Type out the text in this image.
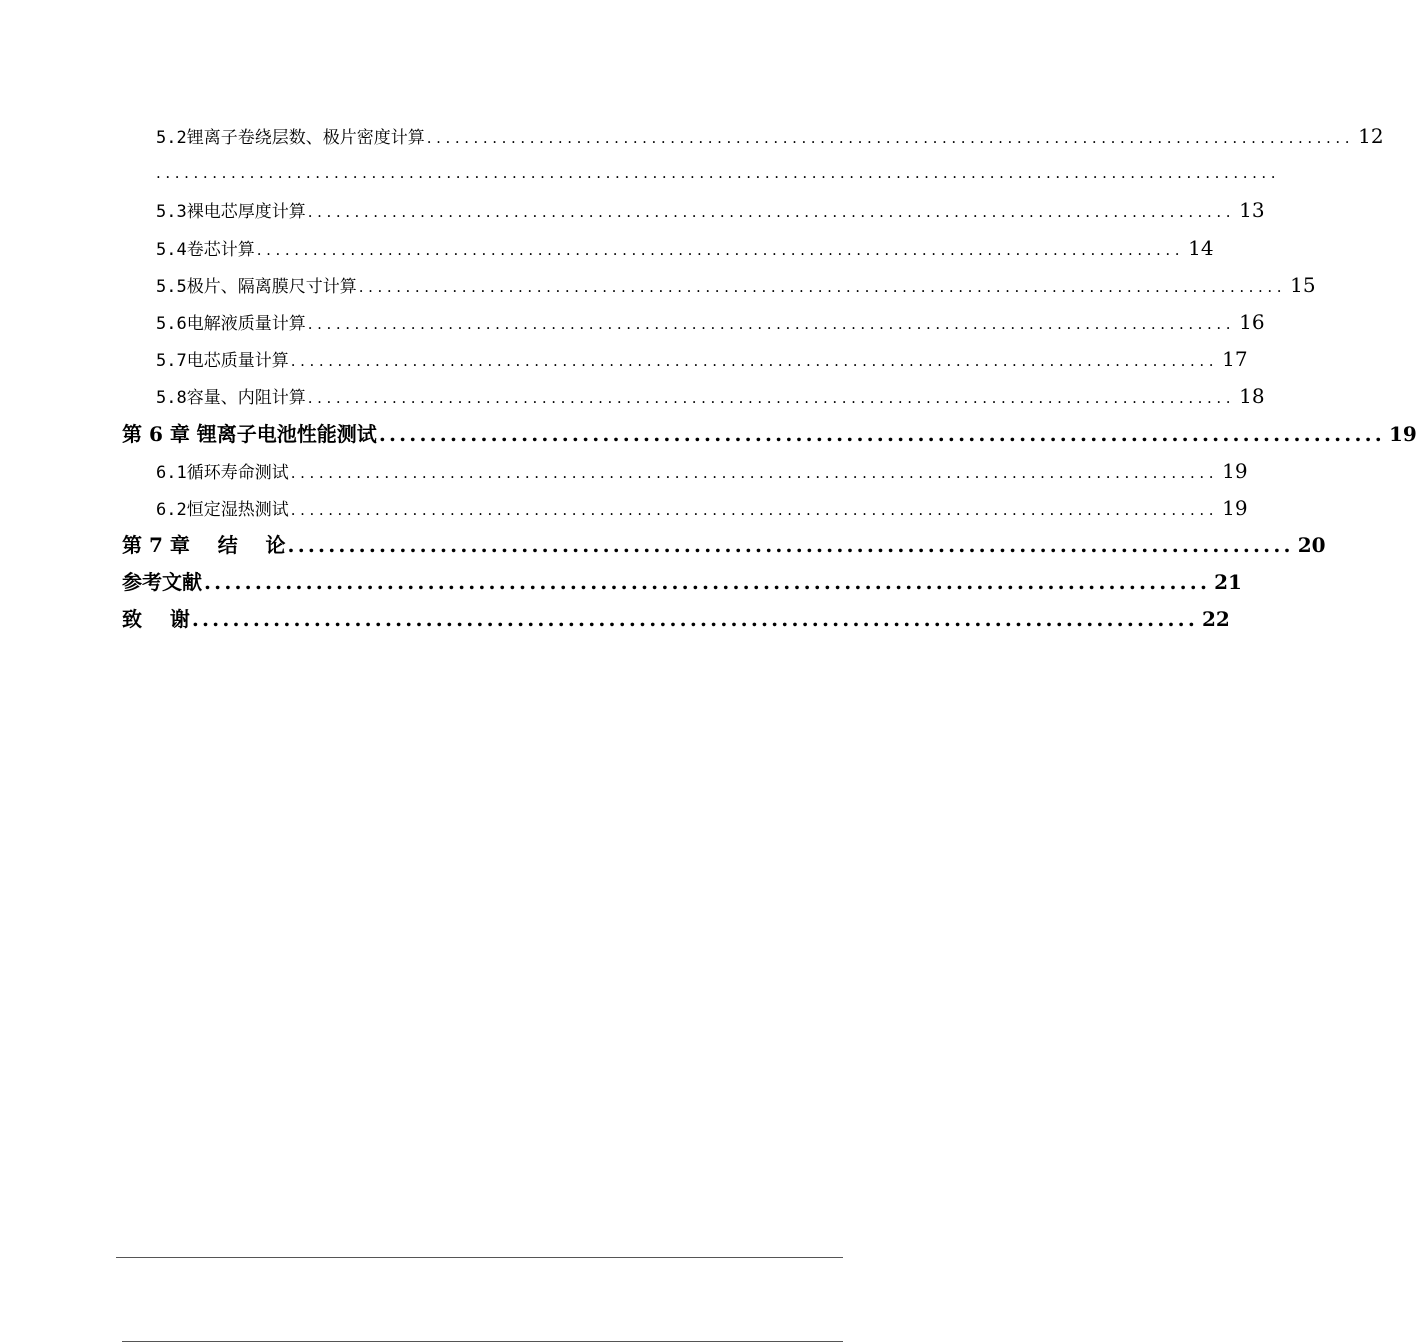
5.2 锂离子卷绕层数、极片密度计算 ................................................................................................... 12
........................................................................................................................
5.3 裸电芯厚度计算 ................................................................................................... 13
5.4 卷芯计算 ................................................................................................... 14
5.5 极片、隔离膜尺寸计算 ................................................................................................... 15
5.6 电解液质量计算 ................................................................................................... 16
5.7 电芯质量计算 ................................................................................................... 17
5.8 容量、内阻计算 ................................................................................................... 18
第 6 章 锂离子电池性能测试 ................................................................................................... 19
6.1 循环寿命测试 ................................................................................................... 19
6.2 恒定湿热测试 ................................................................................................... 19
第 7 章    结    论 ................................................................................................... 20
参考文献 ................................................................................................... 21
致    谢 ................................................................................................... 22
